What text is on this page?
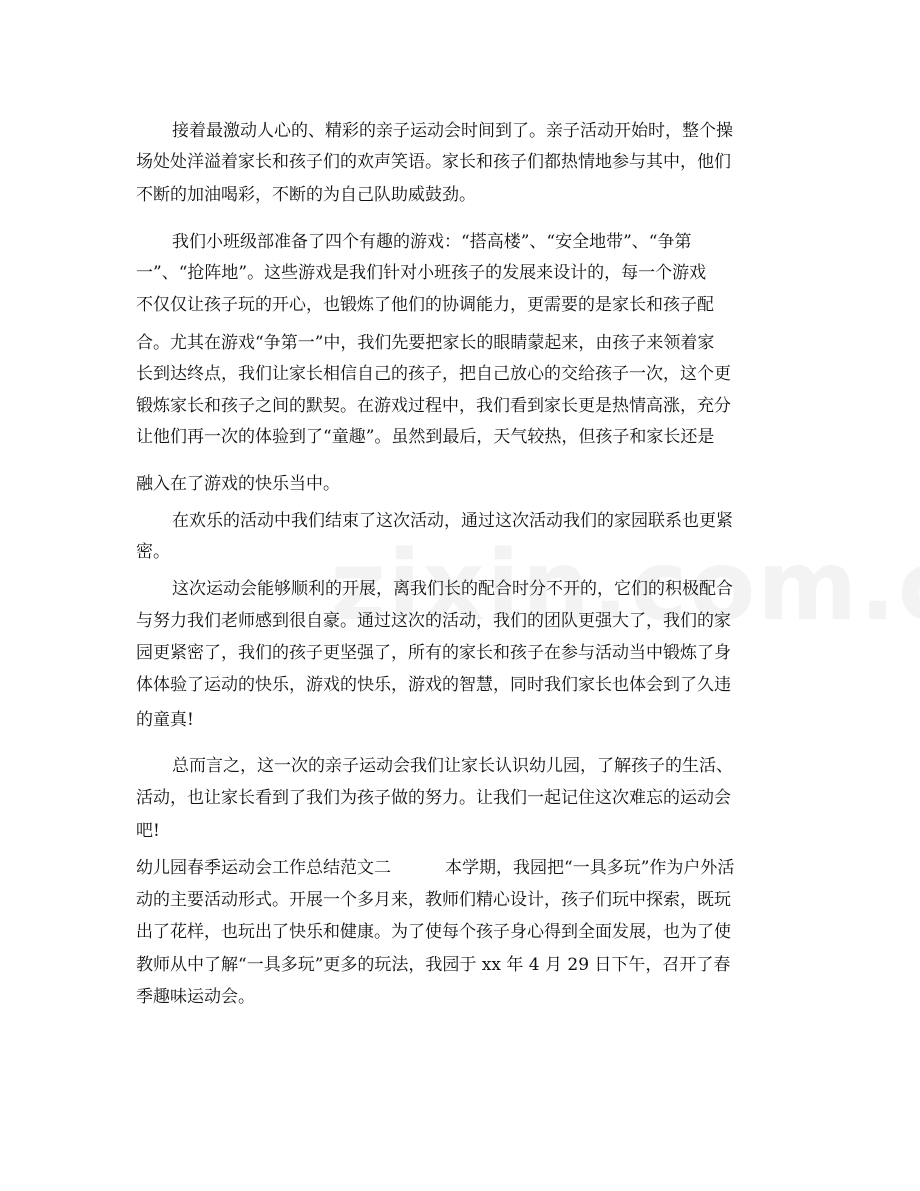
接着最激动人心的、精彩的亲子运动会时间到了。亲子活动开始时，整个操
场处处洋溢着家长和孩子们的欢声笑语。家长和孩子们都热情地参与其中，他们
不断的加油喝彩，不断的为自己队助威鼓劲。
我们小班级部准备了四个有趣的游戏：“搭高楼”、“安全地带”、“争第
一”、“抢阵地”。这些游戏是我们针对小班孩子的发展来设计的，每一个游戏
不仅仅让孩子玩的开心，也锻炼了他们的协调能力，更需要的是家长和孩子配
合。尤其在游戏“争第一”中，我们先要把家长的眼睛蒙起来，由孩子来领着家
长到达终点，我们让家长相信自己的孩子，把自己放心的交给孩子一次，这个更
锻炼家长和孩子之间的默契。在游戏过程中，我们看到家长更是热情高涨，充分
让他们再一次的体验到了“童趣”。虽然到最后，天气较热，但孩子和家长还是
融入在了游戏的快乐当中。
在欢乐的活动中我们结束了这次活动，通过这次活动我们的家园联系也更紧
密。
这次运动会能够顺利的开展，离我们长的配合时分不开的，它们的积极配合
与努力我们老师感到很自豪。通过这次的活动，我们的团队更强大了，我们的家
园更紧密了，我们的孩子更坚强了，所有的家长和孩子在参与活动当中锻炼了身
体体验了运动的快乐，游戏的快乐，游戏的智慧，同时我们家长也体会到了久违
的童真!
总而言之，这一次的亲子运动会我们让家长认识幼儿园，了解孩子的生活、
活动，也让家长看到了我们为孩子做的努力。让我们一起记住这次难忘的运动会
吧!
幼儿园春季运动会工作总结范文二	本学期，我园把“一具多玩”作为户外活
动的主要活动形式。开展一个多月来，教师们精心设计，孩子们玩中探索，既玩
出了花样，也玩出了快乐和健康。为了使每个孩子身心得到全面发展，也为了使
教师从中了解“一具多玩”更多的玩法，我园于 xx 年 4 月 29 日下午，召开了春
季趣味运动会。
